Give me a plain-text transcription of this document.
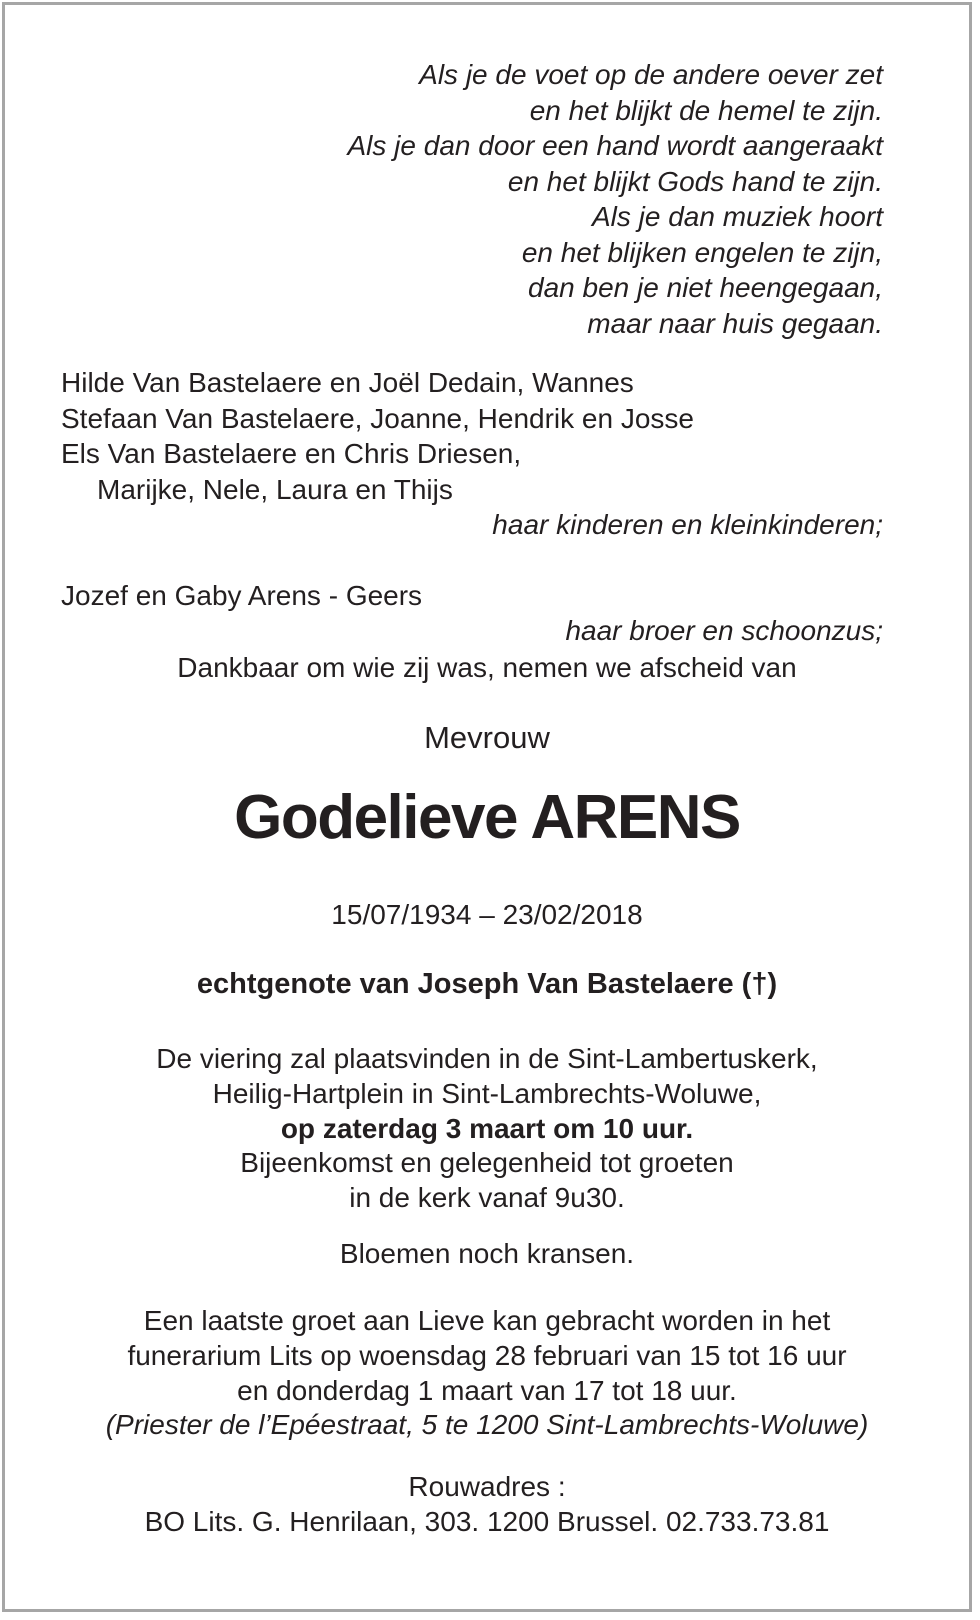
Als je de voet op de andere oever zet
en het blijkt de hemel te zijn.
Als je dan door een hand wordt aangeraakt
en het blijkt Gods hand te zijn.
Als je dan muziek hoort
en het blijken engelen te zijn,
dan ben je niet heengegaan,
maar naar huis gegaan.
Hilde Van Bastelaere en Joël Dedain, Wannes
Stefaan Van Bastelaere, Joanne, Hendrik en Josse
Els Van Bastelaere en Chris Driesen,
Marijke, Nele, Laura en Thijs
haar kinderen en kleinkinderen;
Jozef en Gaby Arens - Geers
haar broer en schoonzus;
Dankbaar om wie zij was, nemen we afscheid van
Mevrouw
Godelieve ARENS
15/07/1934 – 23/02/2018
echtgenote van Joseph Van Bastelaere (†)
De viering zal plaatsvinden in de Sint-Lambertuskerk,
Heilig-Hartplein in Sint-Lambrechts-Woluwe,
op zaterdag 3 maart om 10 uur.
Bijeenkomst en gelegenheid tot groeten
in de kerk vanaf 9u30.
Bloemen noch kransen.
Een laatste groet aan Lieve kan gebracht worden in het
funerarium Lits op woensdag 28 februari van 15 tot 16 uur
en donderdag 1 maart van 17 tot 18 uur.
(Priester de l’Epéestraat, 5 te 1200 Sint-Lambrechts-Woluwe)
Rouwadres :
BO Lits. G. Henrilaan, 303. 1200 Brussel. 02.733.73.81
